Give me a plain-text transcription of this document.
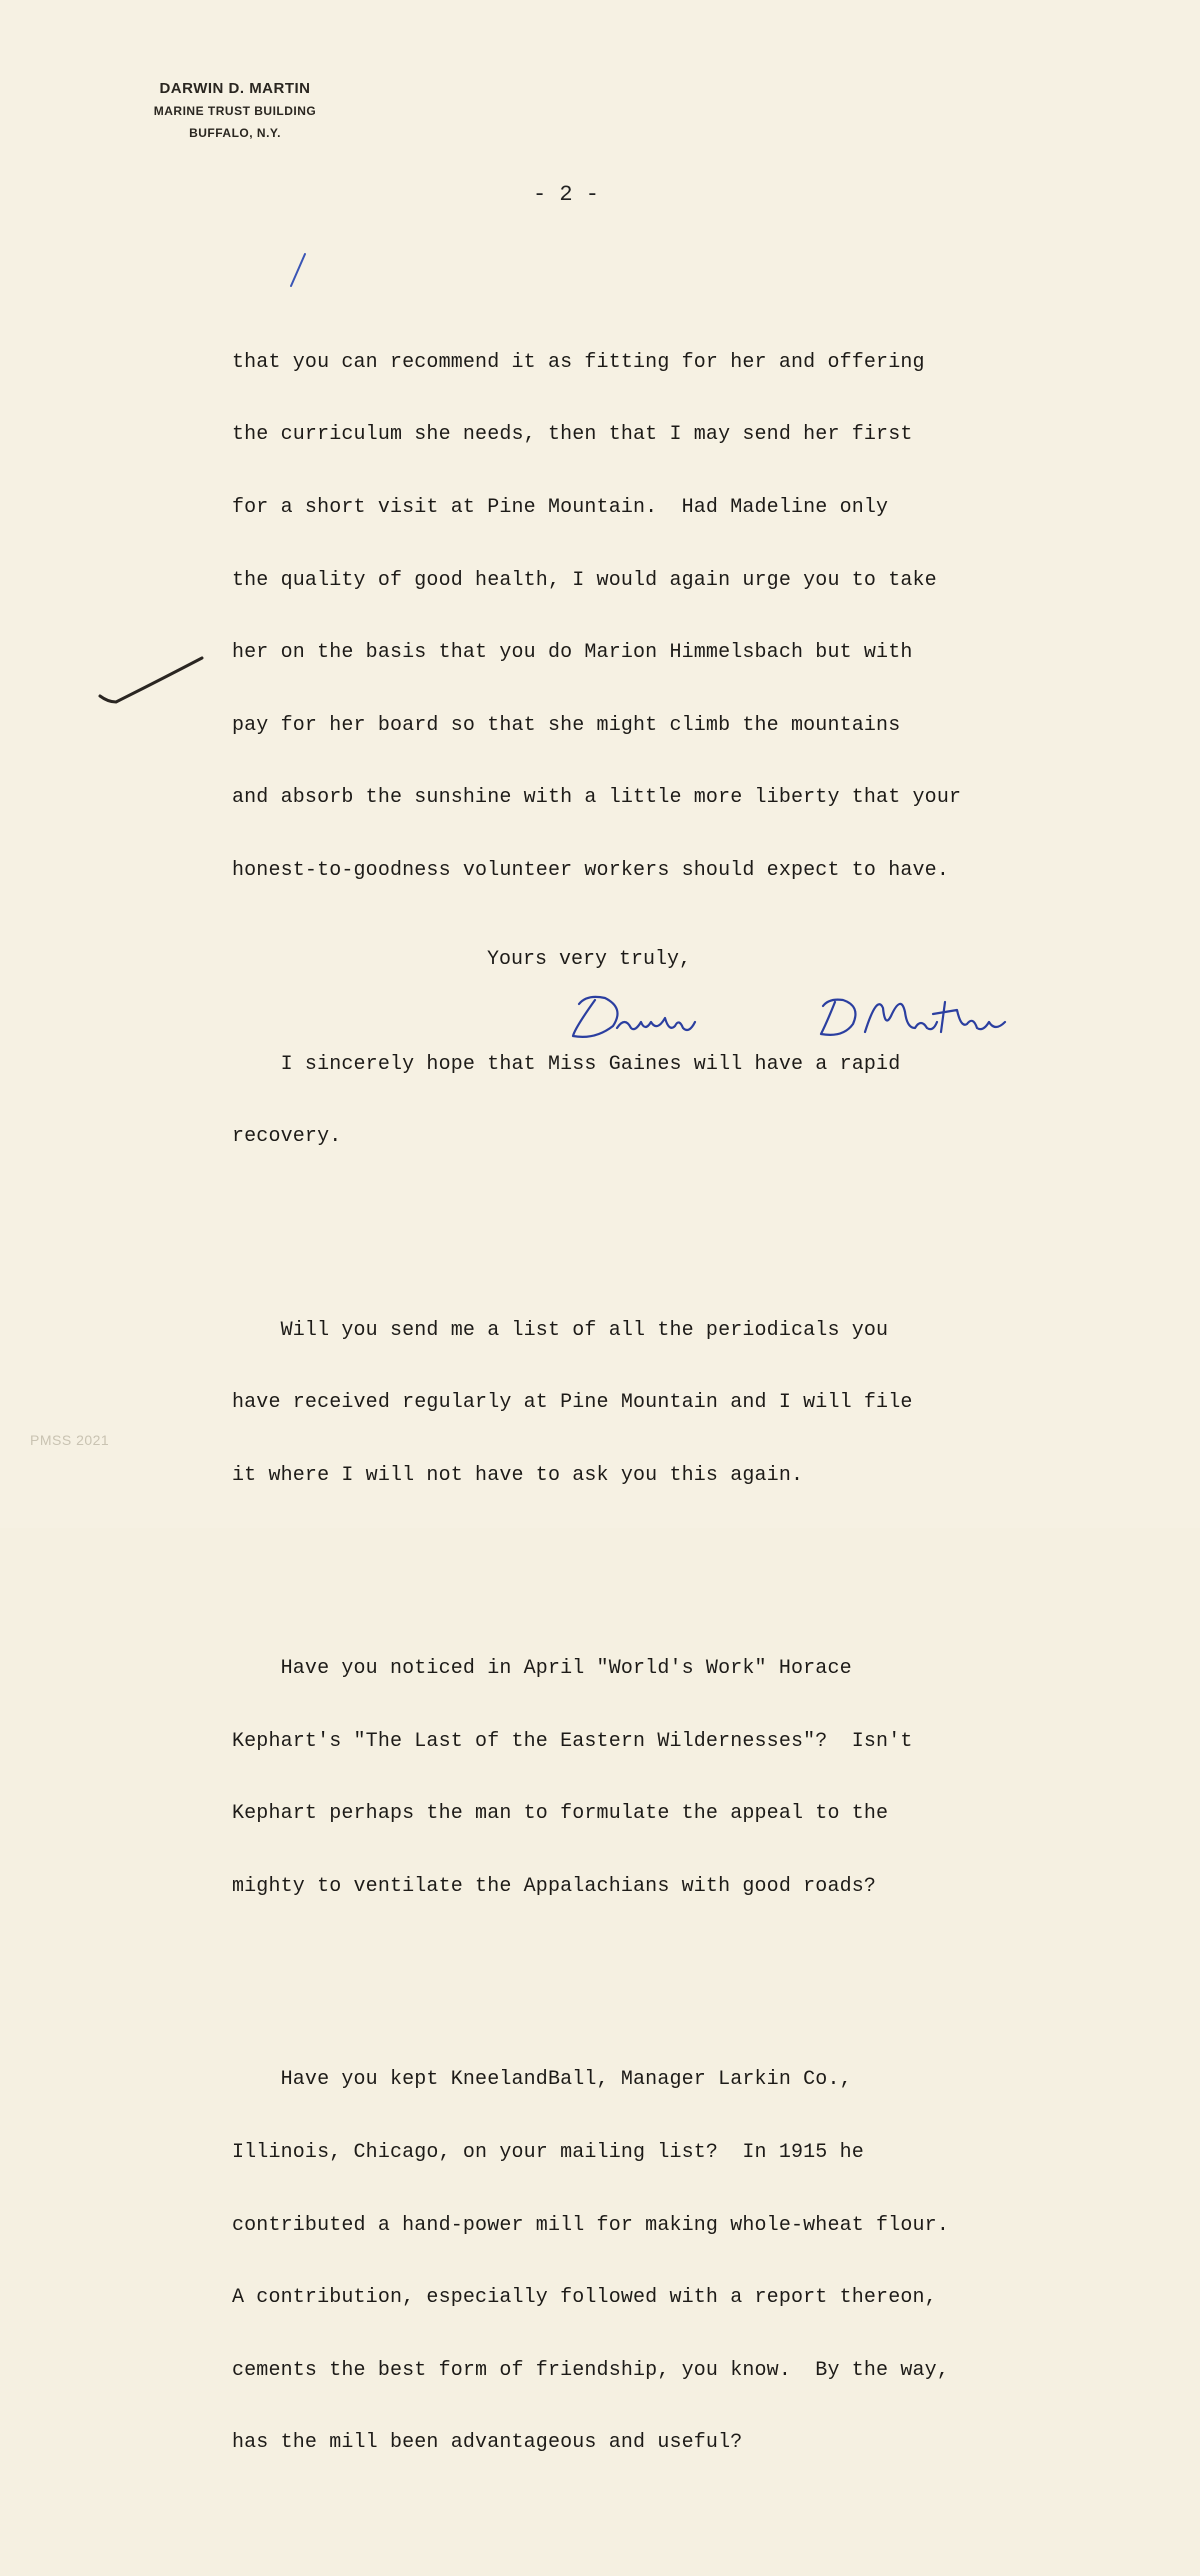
DARWIN D. MARTIN
MARINE TRUST BUILDING
BUFFALO, N.Y.
- 2 -

that you can recommend it as fitting for her and offering

the curriculum she needs, then that I may send her first

for a short visit at Pine Mountain.  Had Madeline only

the quality of good health, I would again urge you to take

her on the basis that you do Marion Himmelsbach but with

pay for her board so that she might climb the mountains

and absorb the sunshine with a little more liberty that your

honest-to-goodness volunteer workers should expect to have.

I sincerely hope that Miss Gaines will have a rapid

recovery.

Will you send me a list of all the periodicals you

have received regularly at Pine Mountain and I will file

it where I will not have to ask you this again.

Have you noticed in April "World's Work" Horace

Kephart's "The Last of the Eastern Wildernesses"?  Isn't

Kephart perhaps the man to formulate the appeal to the

mighty to ventilate the Appalachians with good roads?

Have you kept KneelandBall, Manager Larkin Co.,

Illinois, Chicago, on your mailing list?  In 1915 he

contributed a hand-power mill for making whole-wheat flour.

A contribution, especially followed with a report thereon,

cements the best form of friendship, you know.  By the way,

has the mill been advantageous and useful?

Yours very truly,
PMSS 2021
